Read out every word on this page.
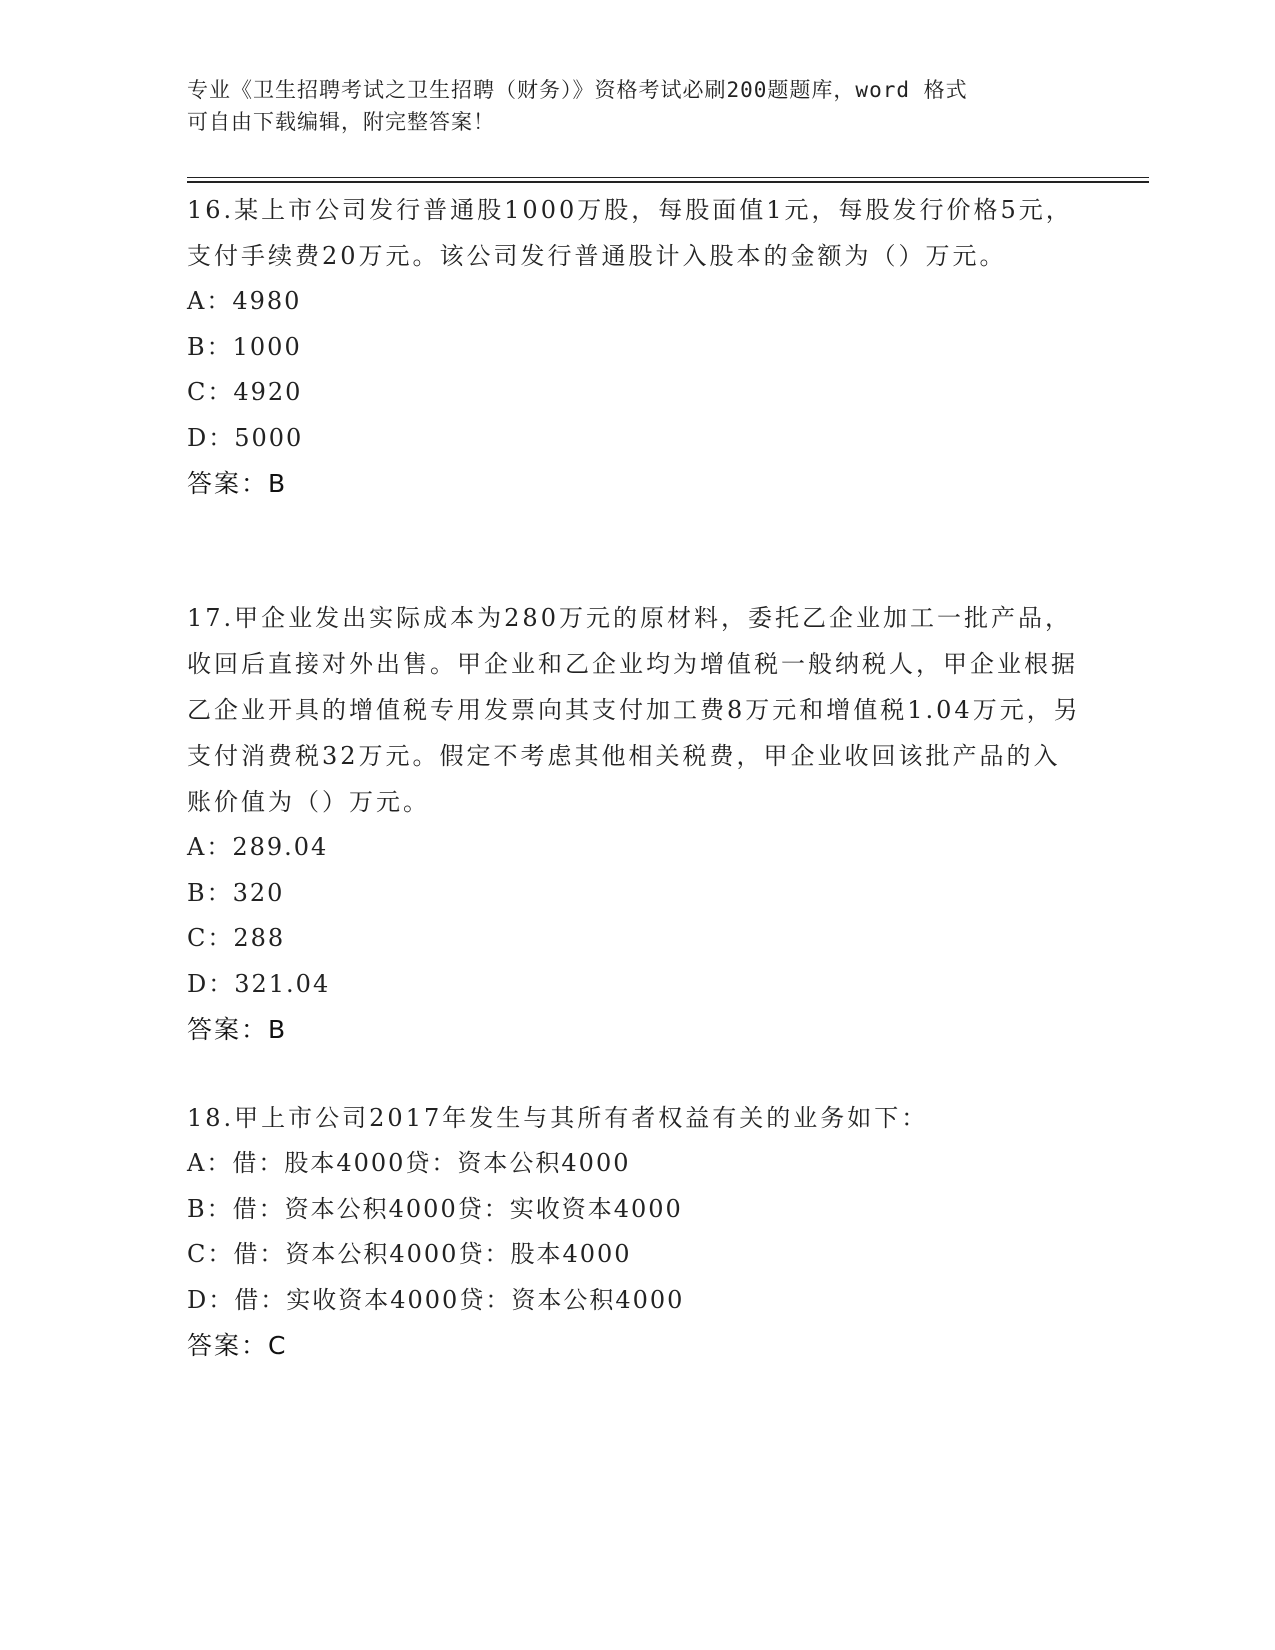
专业《卫生招聘考试之卫生招聘（财务）》资格考试必刷200题题库，word 格式
可自由下载编辑，附完整答案！

16.某上市公司发行普通股1000万股，每股面值1元，每股发行价格5元，支付手续费20万元。该公司发行普通股计入股本的金额为（）万元。

A：4980

B：1000

C：4920

D：5000

答案：B

17.甲企业发出实际成本为280万元的原材料，委托乙企业加工一批产品，收回后直接对外出售。甲企业和乙企业均为增值税一般纳税人，甲企业根据乙企业开具的增值税专用发票向其支付加工费8万元和增值税1.04万元，另支付消费税32万元。假定不考虑其他相关税费，甲企业收回该批产品的入账价值为（）万元。

A：289.04

B：320

C：288

D：321.04

答案：B

18.甲上市公司2017年发生与其所有者权益有关的业务如下：

A：借：股本4000贷：资本公积4000

B：借：资本公积4000贷：实收资本4000

C：借：资本公积4000贷：股本4000

D：借：实收资本4000贷：资本公积4000

答案：C
